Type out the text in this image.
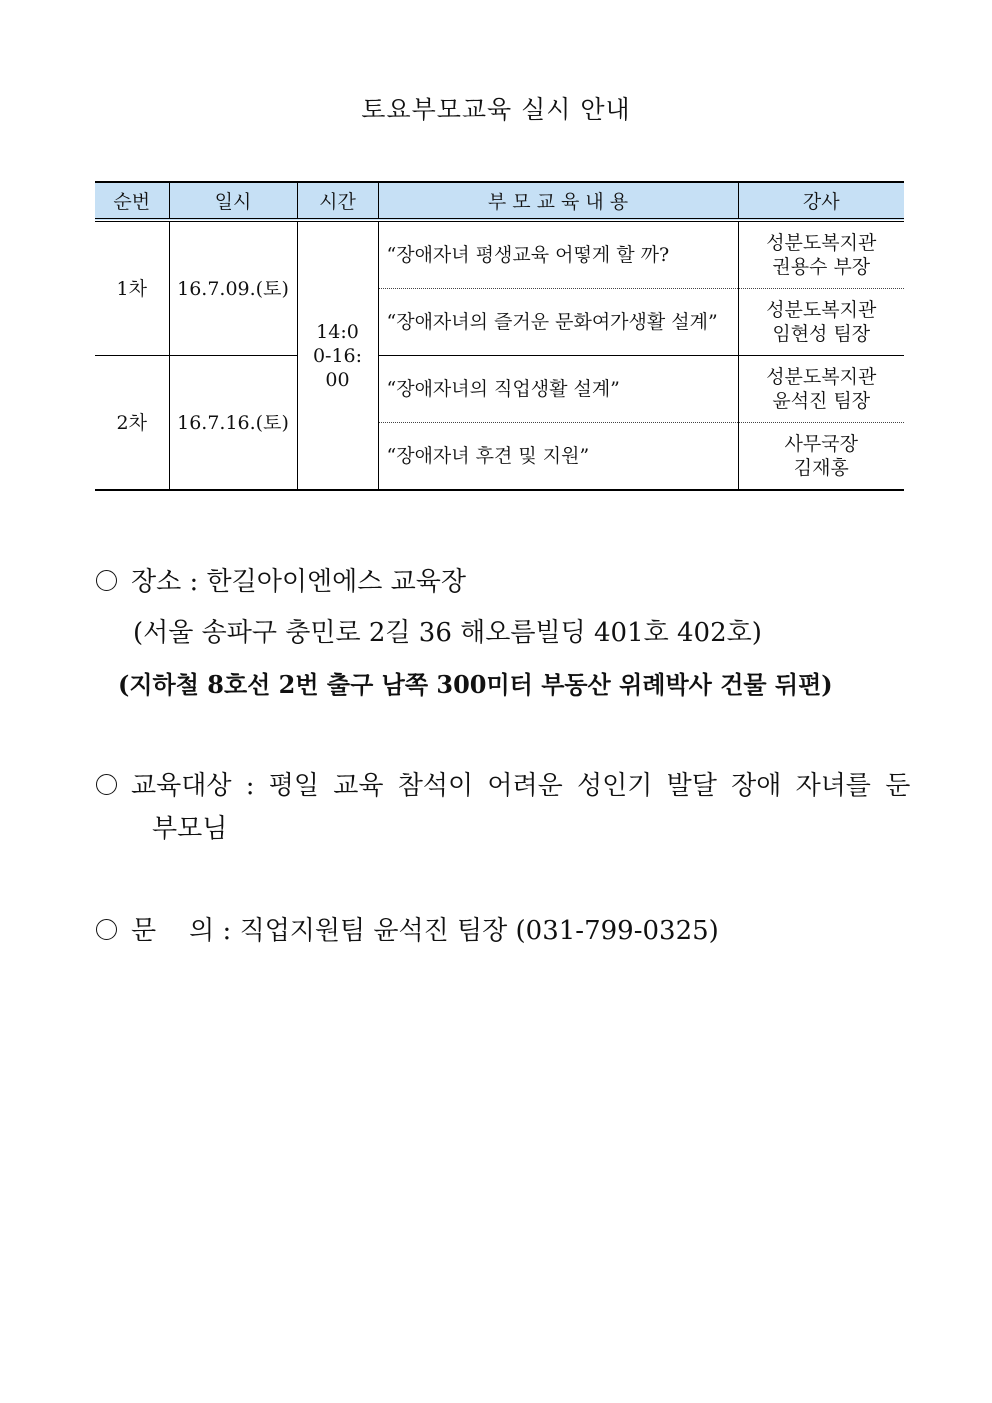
토요부모교육 실시 안내
순번	일시	시간	부 모 교 육 내 용	강사
1차	16.7.09.(토)	14:00-16:00	“장애자녀 평생교육 어떻게 할 까?	성분도복지관
권용수 부장

			“장애자녀의 즐거운 문화여가생활 설계”	성분도복지관
임현성 팀장

2차	16.7.16.(토)		“장애자녀의 직업생활 설계”	성분도복지관
윤석진 팀장

			“장애자녀 후견 및 지원”	사무국장
김재홍
장소 : 한길아이엔에스 교육장
(서울 송파구 충민로 2길 36 해오름빌딩 401호 402호)
(지하철 8호선 2번 출구 남쪽 300미터 부동산 위례박사 건물 뒤편)
교육대상 : 평일 교육 참석이 어려운 성인기 발달 장애 자녀를 둔
부모님
문    의 : 직업지원팀 윤석진 팀장 (031-799-0325)
